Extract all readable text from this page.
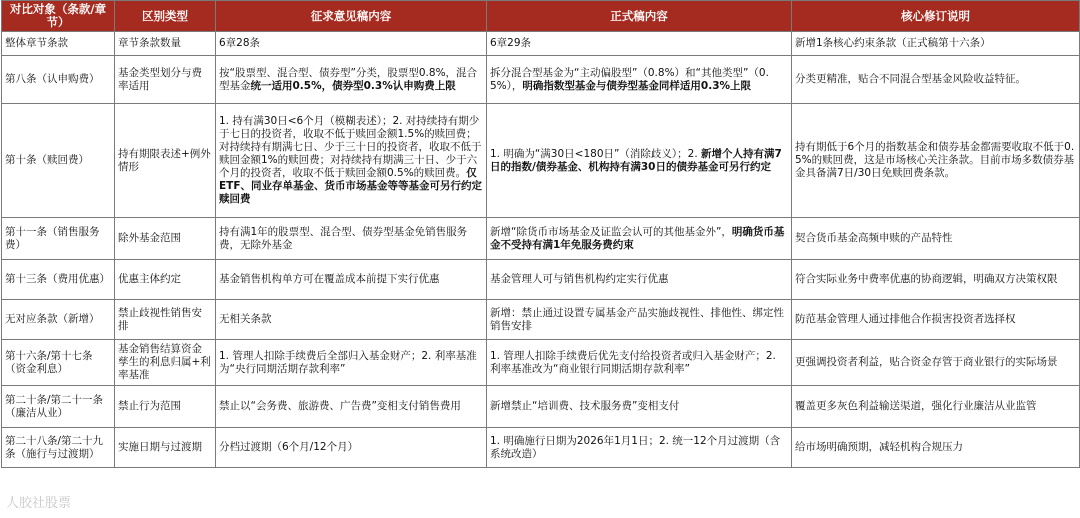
对比对象（条款/章节）	区别类型	征求意见稿内容	正式稿内容	核心修订说明
整体章节条款	章节条款数量	6章28条	6章29条	新增1条核心约束条款（正式稿第十六条）
第八条（认申购费）	基金类型划分与费率适用	按“股票型、混合型、债券型”分类，股票型0.8%，混合型基金统一适用0.5%，债券型0.3%认申购费上限	拆分混合型基金为“主动偏股型”（0.8%）和“其他类型”（0.5%），明确指数型基金与债券型基金同样适用0.3%上限	分类更精准，贴合不同混合型基金风险收益特征。
第十条（赎回费）	持有期限表述+例外情形	1. 持有满30日<6个月（模糊表述）；2. 对持续持有期少于七日的投资者，收取不低于赎回金额1.5%的赎回费；对持续持有期满七日、少于三十日的投资者，收取不低于赎回金额1%的赎回费；对持续持有期满三十日、少于六个月的投资者，收取不低于赎回金额0.5%的赎回费。仅ETF、同业存单基金、货币市场基金等等基金可另行约定赎回费	1. 明确为“满30日<180日”（消除歧义）；2. 新增个人持有满7日的指数/债券基金、机构持有满30日的债券基金可另行约定	持有期低于6个月的指数基金和债券基金都需要收取不低于0.5%的赎回费，这是市场核心关注条款。目前市场多数债券基金具备满7日/30日免赎回费条款。
第十一条（销售服务费）	除外基金范围	持有满1年的股票型、混合型、债券型基金免销售服务费，无除外基金	新增“除货币市场基金及证监会认可的其他基金外”，明确货币基金不受持有满1年免服务费约束	契合货币基金高频申赎的产品特性
第十三条（费用优惠）	优惠主体约定	基金销售机构单方可在覆盖成本前提下实行优惠	基金管理人可与销售机构约定实行优惠	符合实际业务中费率优惠的协商逻辑，明确双方决策权限
无对应条款（新增）	禁止歧视性销售安排	无相关条款	新增：禁止通过设置专属基金产品实施歧视性、排他性、绑定性销售安排	防范基金管理人通过排他合作损害投资者选择权
第十六条/第十七条（资金利息）	基金销售结算资金孳生的利息归属+利率基准	1. 管理人扣除手续费后全部归入基金财产；2. 利率基准为“央行同期活期存款利率”	1. 管理人扣除手续费后优先支付给投资者或归入基金财产；2. 利率基准改为“商业银行同期活期存款利率”	更强调投资者利益，贴合资金存管于商业银行的实际场景
第二十条/第二十一条（廉洁从业）	禁止行为范围	禁止以“会务费、旅游费、广告费”变相支付销售费用	新增禁止“培训费、技术服务费”变相支付	覆盖更多灰色利益输送渠道，强化行业廉洁从业监管
第二十八条/第二十九条（施行与过渡期）	实施日期与过渡期	分档过渡期（6个月/12个月）	1. 明确施行日期为2026年1月1日；2. 统一12个月过渡期（含系统改造）	给市场明确预期，减轻机构合规压力
人胶社股票
